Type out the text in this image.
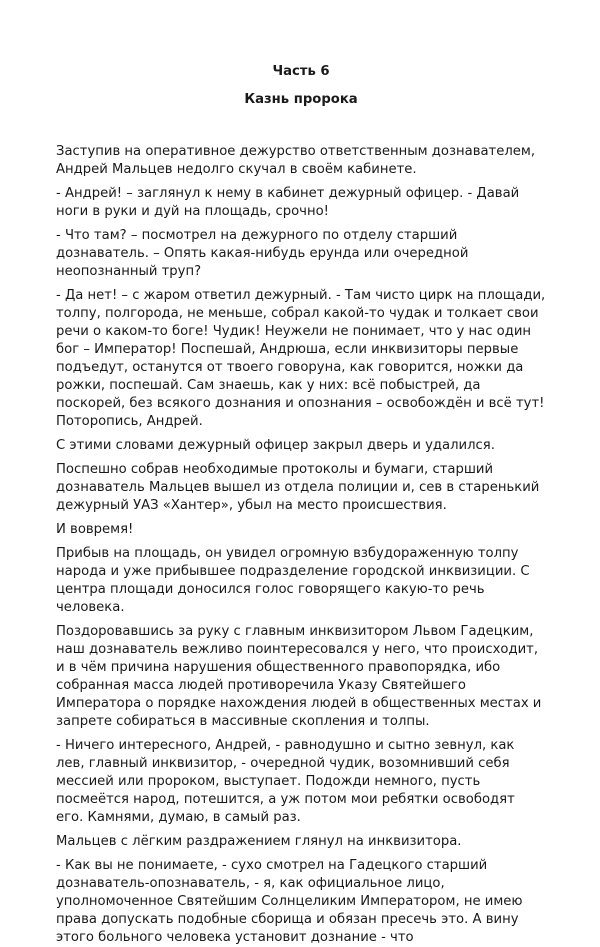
Часть 6
Казнь пророка

Заступив на оперативное дежурство ответственным дознавателем, Андрей Мальцев недолго скучал в своём кабинете.

- Андрей! – заглянул к нему в кабинет дежурный офицер. - Давай ноги в руки и дуй на площадь, срочно!

- Что там? – посмотрел на дежурного по отделу старший дознаватель. – Опять какая-нибудь ерунда или очередной неопознанный труп?

- Да нет! – с жаром ответил дежурный. - Там чисто цирк на площади, толпу, полгорода, не меньше, собрал какой-то чудак и толкает свои речи о каком-то боге! Чудик! Неужели не понимает, что у нас один бог – Император! Поспешай, Андрюша, если инквизиторы первые подъедут, останутся от твоего говоруна, как говорится, ножки да рожки, поспешай. Сам знаешь, как у них: всё побыстрей, да поскорей, без всякого дознания и опознания – освобождён и всё тут! Поторопись, Андрей.

С этими словами дежурный офицер закрыл дверь и удалился.

Поспешно собрав необходимые протоколы и бумаги, старший дознаватель Мальцев вышел из отдела полиции и, сев в старенький дежурный УАЗ «Хантер», убыл на место происшествия.

И вовремя!

Прибыв на площадь, он увидел огромную взбудораженную толпу народа и уже прибывшее подразделение городской инквизиции. С центра площади доносился голос говорящего какую-то речь человека.

Поздоровавшись за руку с главным инквизитором Львом Гадецким, наш дознаватель вежливо поинтересовался у него, что происходит, и в чём причина нарушения общественного правопорядка, ибо собранная масса людей противоречила Указу Святейшего Императора о порядке нахождения людей в общественных местах и запрете собираться в массивные скопления и толпы.

- Ничего интересного, Андрей, - равнодушно и сытно зевнул, как лев, главный инквизитор, - очередной чудик, возомнивший себя мессией или пророком, выступает. Подожди немного, пусть посмеётся народ, потешится, а уж потом мои ребятки освободят его. Камнями, думаю, в самый раз.

Мальцев с лёгким раздражением глянул на инквизитора.

- Как вы не понимаете, - сухо смотрел на Гадецкого старший дознаватель-опознаватель, - я, как официальное лицо, уполномоченное Святейшим Солнцеликим Императором, не имею права допускать подобные сборища и обязан пресечь это. А вину этого больного человека установит дознание - что
